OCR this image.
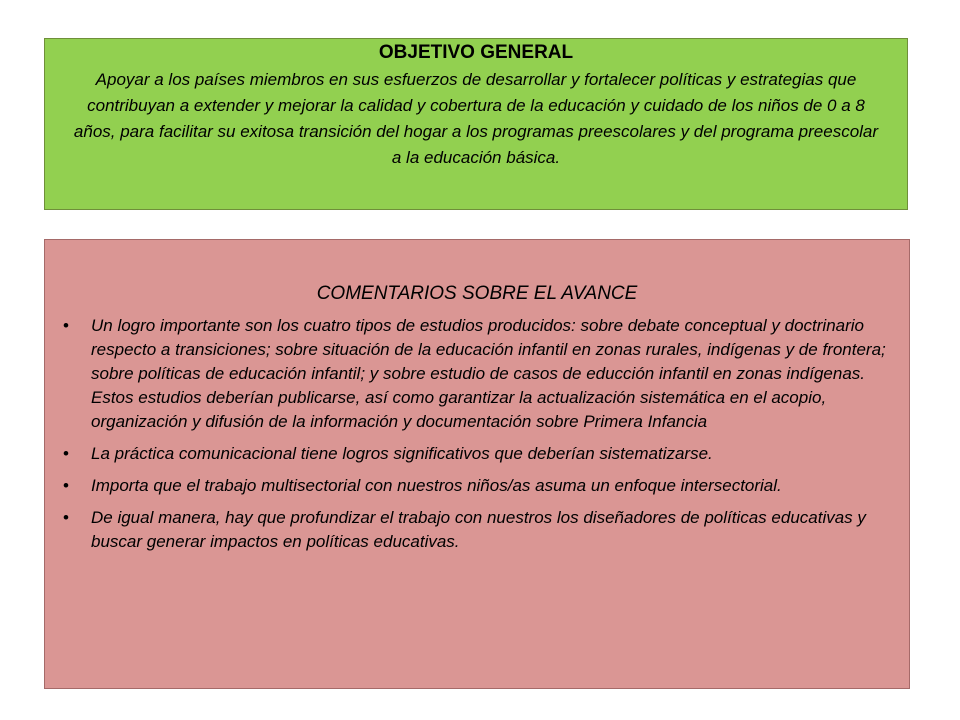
OBJETIVO GENERAL

Apoyar a los países miembros en sus esfuerzos de desarrollar y fortalecer políticas y estrategias que contribuyan a extender y mejorar la calidad y cobertura de la educación y cuidado de los niños de 0 a 8 años, para facilitar su exitosa transición del hogar a los programas preescolares y del programa preescolar a la educación básica.

COMENTARIOS SOBRE EL AVANCE

• Un logro importante son los cuatro tipos de estudios producidos: sobre debate conceptual y doctrinario respecto a transiciones; sobre situación de la educación infantil en zonas rurales, indígenas y de frontera; sobre políticas de educación infantil; y sobre estudio de casos de educción infantil en zonas indígenas. Estos estudios deberían publicarse, así como garantizar la actualización sistemática en el acopio, organización y difusión de la información y documentación sobre Primera Infancia
• La práctica comunicacional tiene logros significativos que deberían sistematizarse.
• Importa que el trabajo multisectorial con nuestros niños/as asuma un enfoque intersectorial.
• De igual manera, hay que profundizar el trabajo con nuestros los diseñadores de políticas educativas y buscar generar impactos en políticas educativas.
